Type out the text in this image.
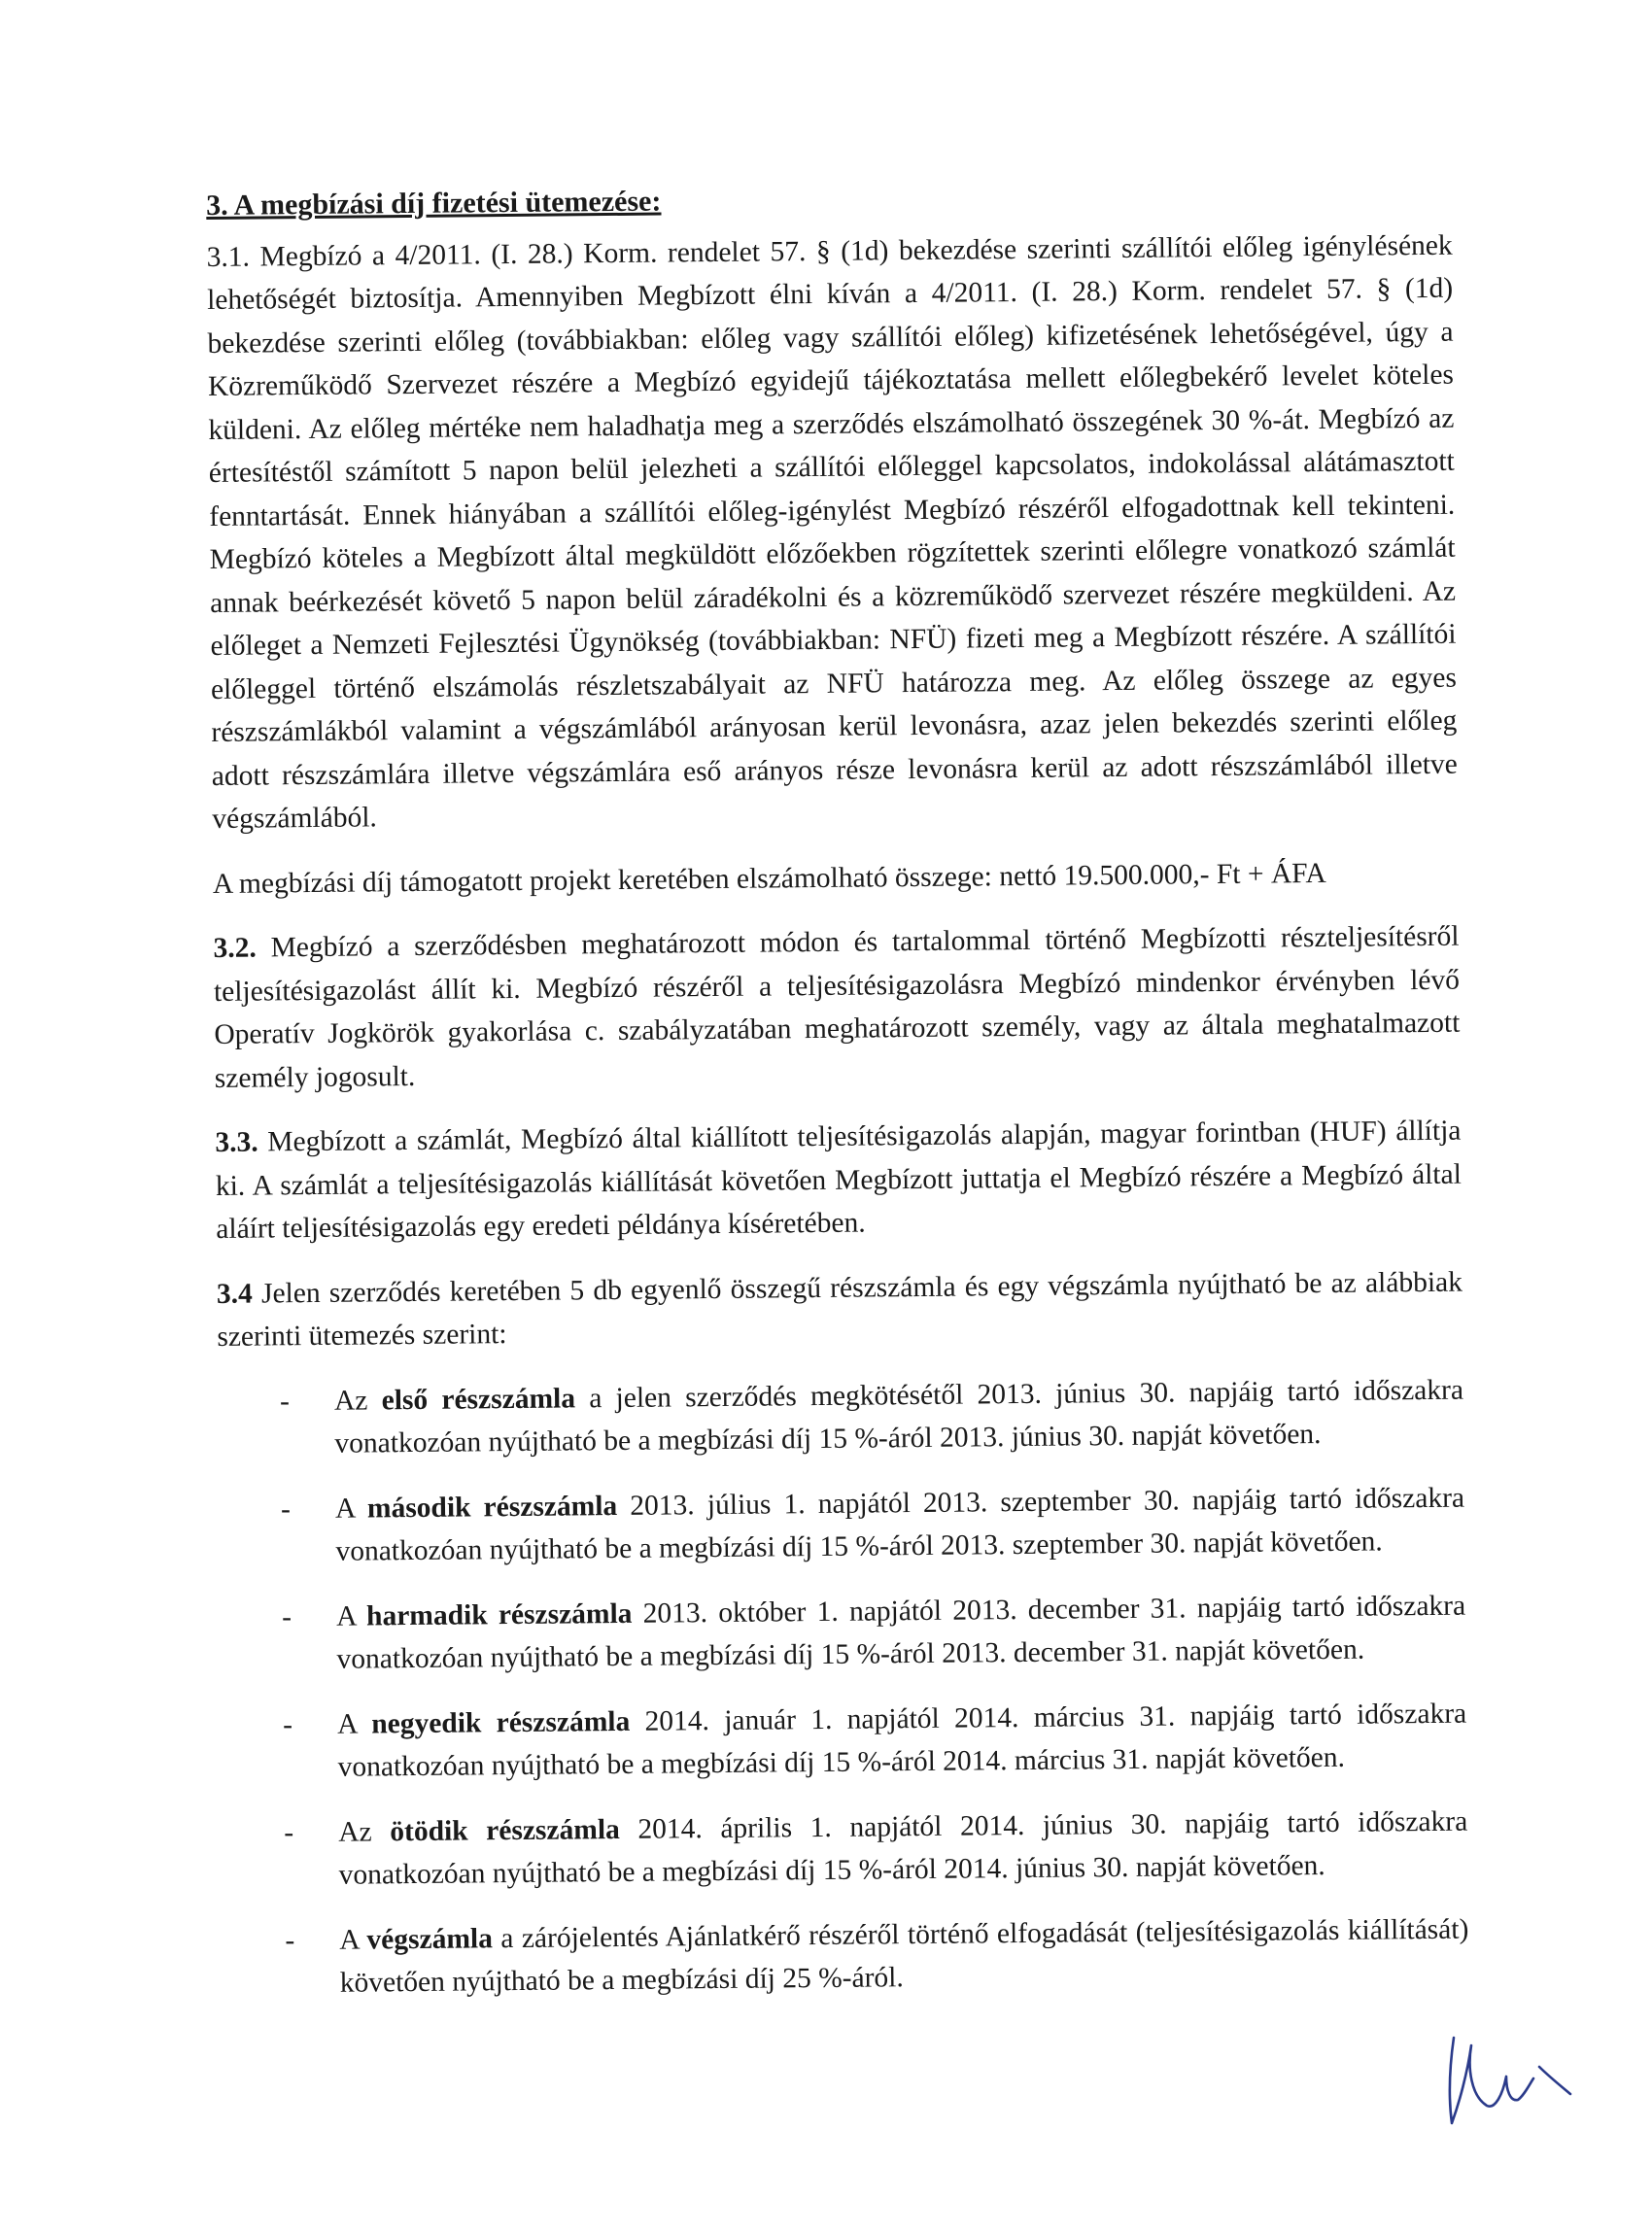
3. A megbízási díj fizetési ütemezése:

3.1. Megbízó a 4/2011. (I. 28.) Korm. rendelet 57. § (1d) bekezdése szerinti szállítói előleg igénylésének lehetőségét biztosítja. Amennyiben Megbízott élni kíván a 4/2011. (I. 28.) Korm. rendelet 57. § (1d) bekezdése szerinti előleg (továbbiakban: előleg vagy szállítói előleg) kifizetésének lehetőségével, úgy a Közreműködő Szervezet részére a Megbízó egyidejű tájékoztatása mellett előlegbekérő levelet köteles küldeni. Az előleg mértéke nem haladhatja meg a szerződés elszámolható összegének 30 %-át. Megbízó az értesítéstől számított 5 napon belül jelezheti a szállítói előleggel kapcsolatos, indokolással alátámasztott fenntartását. Ennek hiányában a szállítói előleg-igénylést Megbízó részéről elfogadottnak kell tekinteni. Megbízó köteles a Megbízott által megküldött előzőekben rögzítettek szerinti előlegre vonatkozó számlát annak beérkezését követő 5 napon belül záradékolni és a közreműködő szervezet részére megküldeni. Az előleget a Nemzeti Fejlesztési Ügynökség (továbbiakban: NFÜ) fizeti meg a Megbízott részére. A szállítói előleggel történő elszámolás részletszabályait az NFÜ határozza meg. Az előleg összege az egyes részszámlákból valamint a végszámlából arányosan kerül levonásra, azaz jelen bekezdés szerinti előleg adott részszámlára illetve végszámlára eső arányos része levonásra kerül az adott részszámlából illetve végszámlából.

A megbízási díj támogatott projekt keretében elszámolható összege: nettó 19.500.000,- Ft + ÁFA

3.2. Megbízó a szerződésben meghatározott módon és tartalommal történő Megbízotti részteljesítésről teljesítésigazolást állít ki. Megbízó részéről a teljesítésigazolásra Megbízó mindenkor érvényben lévő Operatív Jogkörök gyakorlása c. szabályzatában meghatározott személy, vagy az általa meghatalmazott személy jogosult.

3.3. Megbízott a számlát, Megbízó által kiállított teljesítésigazolás alapján, magyar forintban (HUF) állítja ki. A számlát a teljesítésigazolás kiállítását követően Megbízott juttatja el Megbízó részére a Megbízó által aláírt teljesítésigazolás egy eredeti példánya kíséretében.

3.4 Jelen szerződés keretében 5 db egyenlő összegű részszámla és egy végszámla nyújtható be az alábbiak szerinti ütemezés szerint:

- Az első részszámla a jelen szerződés megkötésétől 2013. június 30. napjáig tartó időszakra vonatkozóan nyújtható be a megbízási díj 15 %-áról 2013. június 30. napját követően.
- A második részszámla 2013. július 1. napjától 2013. szeptember 30. napjáig tartó időszakra vonatkozóan nyújtható be a megbízási díj 15 %-áról 2013. szeptember 30. napját követően.
- A harmadik részszámla 2013. október 1. napjától 2013. december 31. napjáig tartó időszakra vonatkozóan nyújtható be a megbízási díj 15 %-áról 2013. december 31. napját követően.
- A negyedik részszámla 2014. január 1. napjától 2014. március 31. napjáig tartó időszakra vonatkozóan nyújtható be a megbízási díj 15 %-áról 2014. március 31. napját követően.
- Az ötödik részszámla 2014. április 1. napjától 2014. június 30. napjáig tartó időszakra vonatkozóan nyújtható be a megbízási díj 15 %-áról 2014. június 30. napját követően.
- A végszámla a zárójelentés Ajánlatkérő részéről történő elfogadását (teljesítésigazolás kiállítását) követően nyújtható be a megbízási díj 25 %-áról.
